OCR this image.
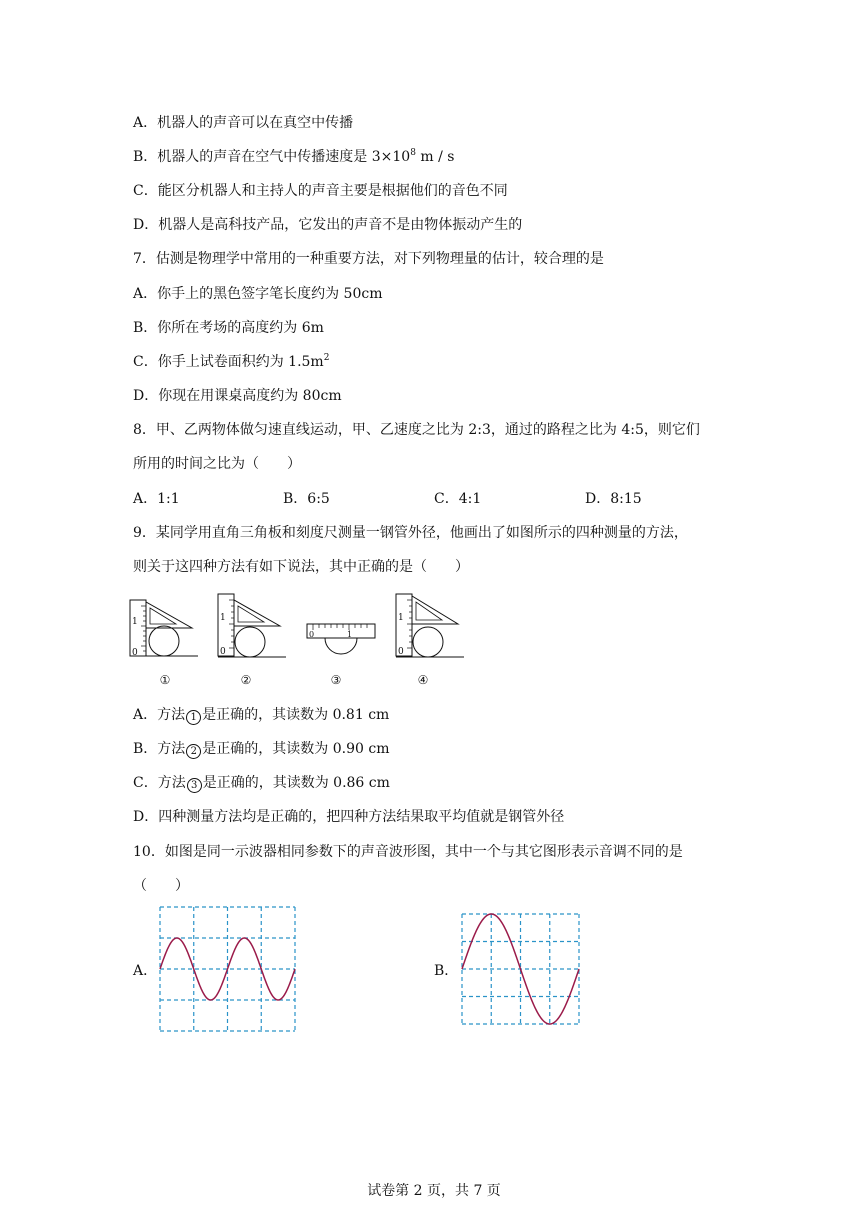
A．机器人的声音可以在真空中传播
B．机器人的声音在空气中传播速度是 $3\times 10^8$ m / s
C．能区分机器人和主持人的声音主要是根据他们的音色不同
D．机器人是高科技产品，它发出的声音不是由物体振动产生的
7．估测是物理学中常用的一种重要方法，对下列物理量的估计，较合理的是
A．你手上的黑色签字笔长度约为 50cm
B．你所在考场的高度约为 6m
C．你手上试卷面积约为 $1.5m^2$
D．你现在用课桌高度约为 80cm
8．甲、乙两物体做匀速直线运动，甲、乙速度之比为 2:3，通过的路程之比为 4:5，则它们
所用的时间之比为（　　）
A．1:1	B．6:5	C．4:1	D．8:15
9．某同学用直角三角板和刻度尺测量一钢管外径，他画出了如图所示的四种测量的方法，
则关于这四种方法有如下说法，其中正确的是（　　）
1
0
①
1
0
②
0	1
③
1
0
④
A．方法 1 是正确的，其读数为 0.81 cm
B．方法 2 是正确的，其读数为 0.90 cm
C．方法 3 是正确的，其读数为 0.86 cm
D．四种测量方法均是正确的，把四种方法结果取平均值就是钢管外径
10．如图是同一示波器相同参数下的声音波形图，其中一个与其它图形表示音调不同的是
（　　）
A．	B．
试卷第 2 页，共 7 页
